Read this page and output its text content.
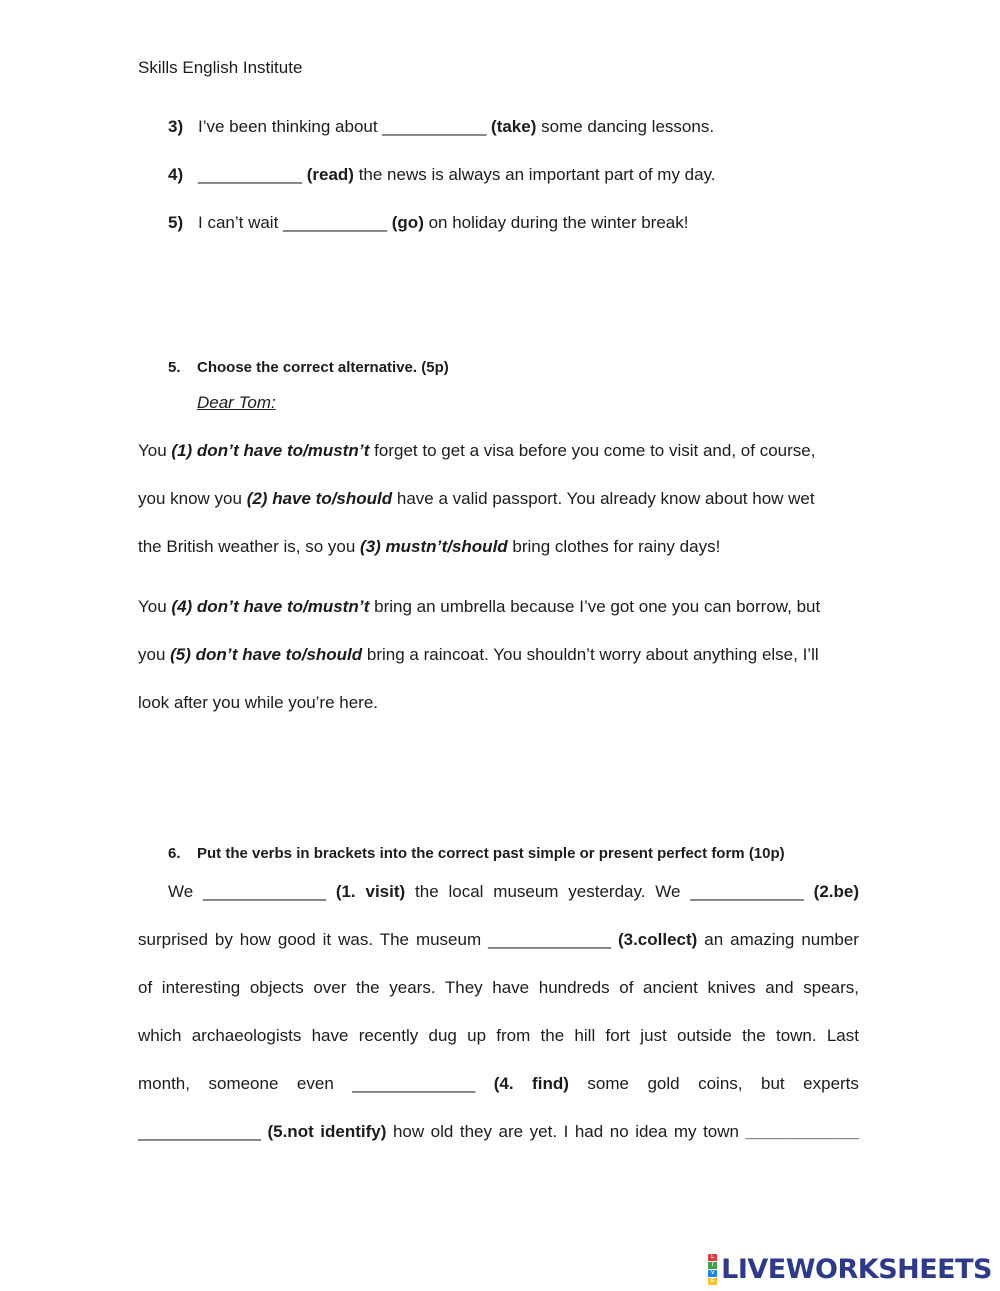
Skills English Institute
3) I’ve been thinking about ___________ (take) some dancing lessons.
4) ___________ (read) the news is always an important part of my day.
5) I can’t wait ___________ (go) on holiday during the winter break!
5. Choose the correct alternative. (5p)
Dear Tom:
You (1) don’t have to/mustn’t forget to get a visa before you come to visit and, of course,
you know you (2) have to/should have a valid passport. You already know about how wet
the British weather is, so you (3) mustn’t/should bring clothes for rainy days!
You (4) don’t have to/mustn’t bring an umbrella because I’ve got one you can borrow, but
you (5) don’t have to/should bring a raincoat. You shouldn’t worry about anything else, I’ll
look after you while you’re here.
6. Put the verbs in brackets into the correct past simple or present perfect form (10p)
We _____________ (1. visit) the local museum yesterday. We ____________ (2.be)
surprised by how good it was. The museum _____________ (3.collect) an amazing number
of interesting objects over the years. They have hundreds of ancient knives and spears,
which archaeologists have recently dug up from the hill fort just outside the town. Last
month, someone even _____________ (4. find) some gold coins, but experts
_____________ (5.not identify) how old they are yet. I had no idea my town ____________
L
I
V
E LIVEWORKSHEETS
